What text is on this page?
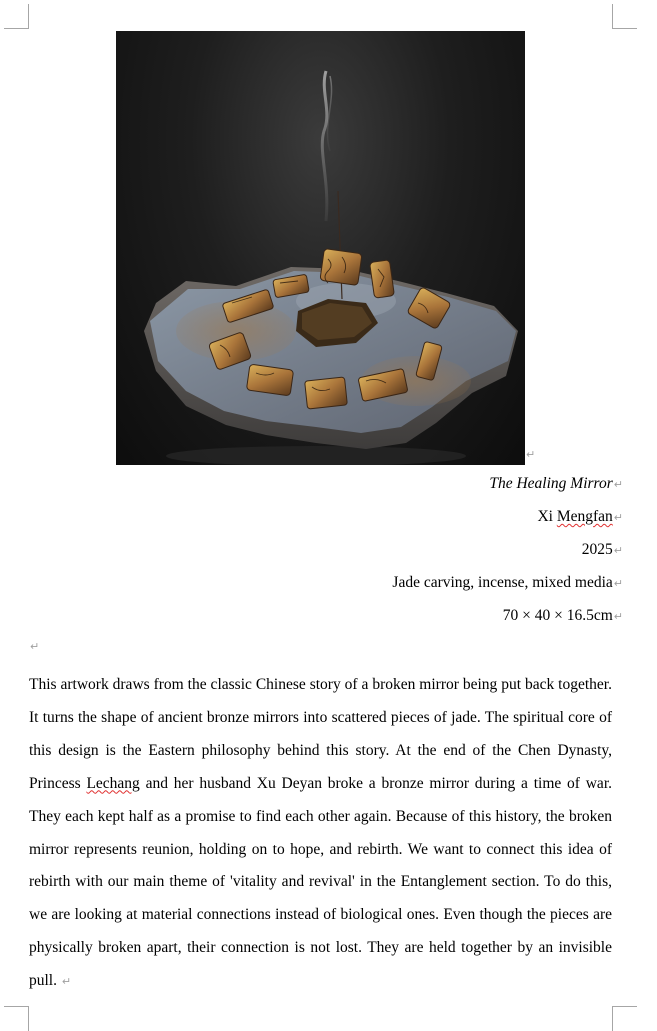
↵
The Healing Mirror↵
Xi Mengfan↵
2025↵
Jade carving, incense, mixed media↵
70 × 40 × 16.5cm↵
↵

This artwork draws from the classic Chinese story of a broken mirror being put back together. It turns the shape of ancient bronze mirrors into scattered pieces of jade. The spiritual core of this design is the Eastern philosophy behind this story. At the end of the Chen Dynasty, Princess Lechang and her husband Xu Deyan broke a bronze mirror during a time of war. They each kept half as a promise to find each other again. Because of this history, the broken mirror represents reunion, holding on to hope, and rebirth. We want to connect this idea of rebirth with our main theme of 'vitality and revival' in the Entanglement section. To do this, we are looking at material connections instead of biological ones. Even though the pieces are physically broken apart, their connection is not lost. They are held together by an invisible pull. ↵
